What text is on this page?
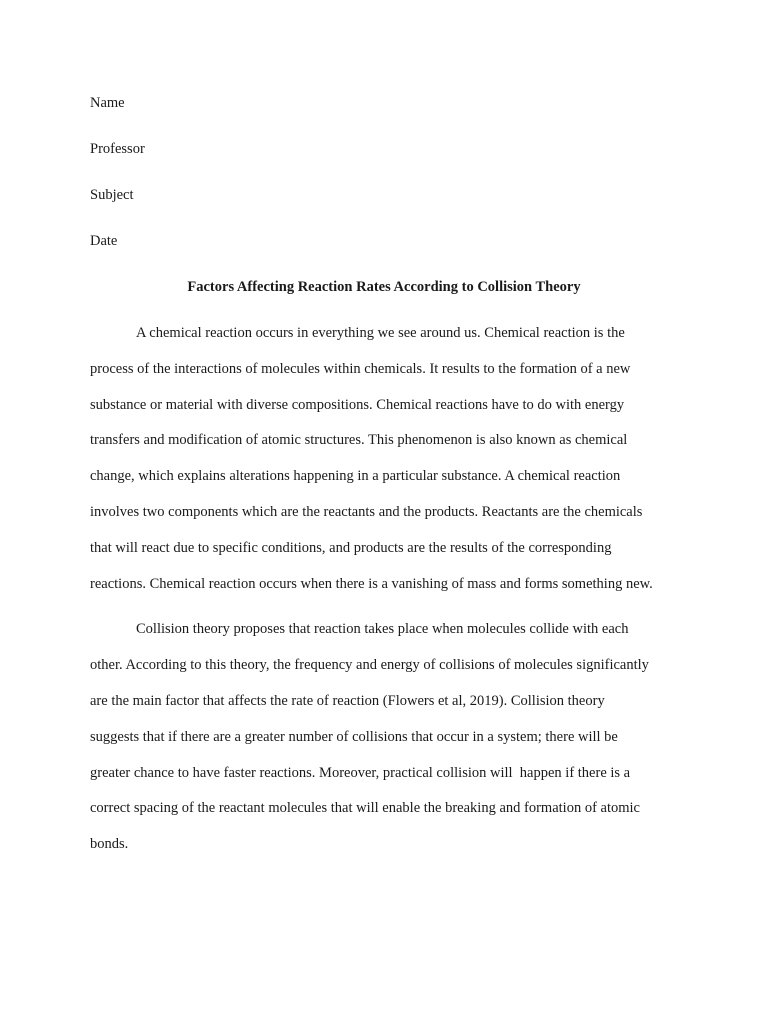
Name
Professor
Subject
Date
Factors Affecting Reaction Rates According to Collision Theory
A chemical reaction occurs in everything we see around us. Chemical reaction is the
process of the interactions of molecules within chemicals. It results to the formation of a new
substance or material with diverse compositions. Chemical reactions have to do with energy
transfers and modification of atomic structures. This phenomenon is also known as chemical
change, which explains alterations happening in a particular substance. A chemical reaction
involves two components which are the reactants and the products. Reactants are the chemicals
that will react due to specific conditions, and products are the results of the corresponding
reactions. Chemical reaction occurs when there is a vanishing of mass and forms something new.
Collision theory proposes that reaction takes place when molecules collide with each
other. According to this theory, the frequency and energy of collisions of molecules significantly
are the main factor that affects the rate of reaction (Flowers et al, 2019). Collision theory
suggests that if there are a greater number of collisions that occur in a system; there will be
greater chance to have faster reactions. Moreover, practical collision will  happen if there is a
correct spacing of the reactant molecules that will enable the breaking and formation of atomic
bonds.
